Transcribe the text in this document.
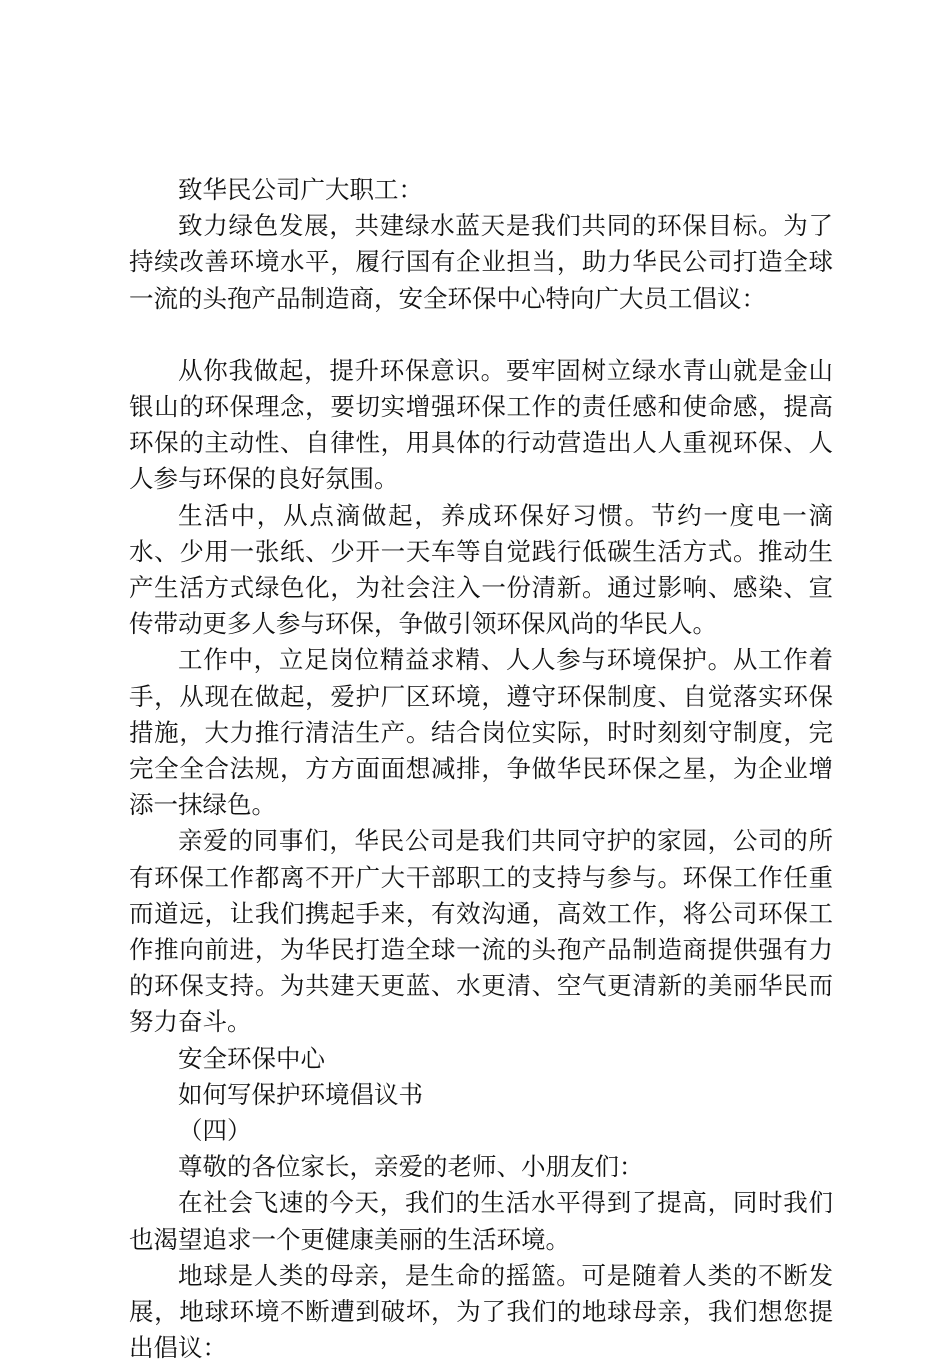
致华民公司广大职工：

致力绿色发展，共建绿水蓝天是我们共同的环保目标。为了持续改善环境水平，履行国有企业担当，助力华民公司打造全球一流的头孢产品制造商，安全环保中心特向广大员工倡议：

从你我做起，提升环保意识。要牢固树立绿水青山就是金山银山的环保理念，要切实增强环保工作的责任感和使命感，提高环保的主动性、自律性，用具体的行动营造出人人重视环保、人人参与环保的良好氛围。

生活中，从点滴做起，养成环保好习惯。节约一度电一滴水、少用一张纸、少开一天车等自觉践行低碳生活方式。推动生产生活方式绿色化，为社会注入一份清新。通过影响、感染、宣传带动更多人参与环保，争做引领环保风尚的华民人。

工作中，立足岗位精益求精、人人参与环境保护。从工作着手，从现在做起，爱护厂区环境，遵守环保制度、自觉落实环保措施，大力推行清洁生产。结合岗位实际，时时刻刻守制度，完完全全合法规，方方面面想减排，争做华民环保之星，为企业增添一抹绿色。

亲爱的同事们，华民公司是我们共同守护的家园，公司的所有环保工作都离不开广大干部职工的支持与参与。环保工作任重而道远，让我们携起手来，有效沟通，高效工作，将公司环保工作推向前进，为华民打造全球一流的头孢产品制造商提供强有力的环保支持。为共建天更蓝、水更清、空气更清新的美丽华民而努力奋斗。

安全环保中心

如何写保护环境倡议书

（四）

尊敬的各位家长，亲爱的老师、小朋友们：

在社会飞速的今天，我们的生活水平得到了提高，同时我们也渴望追求一个更健康美丽的生活环境。

地球是人类的母亲，是生命的摇篮。可是随着人类的不断发展，地球环境不断遭到破坏，为了我们的地球母亲，我们想您提出倡议：
